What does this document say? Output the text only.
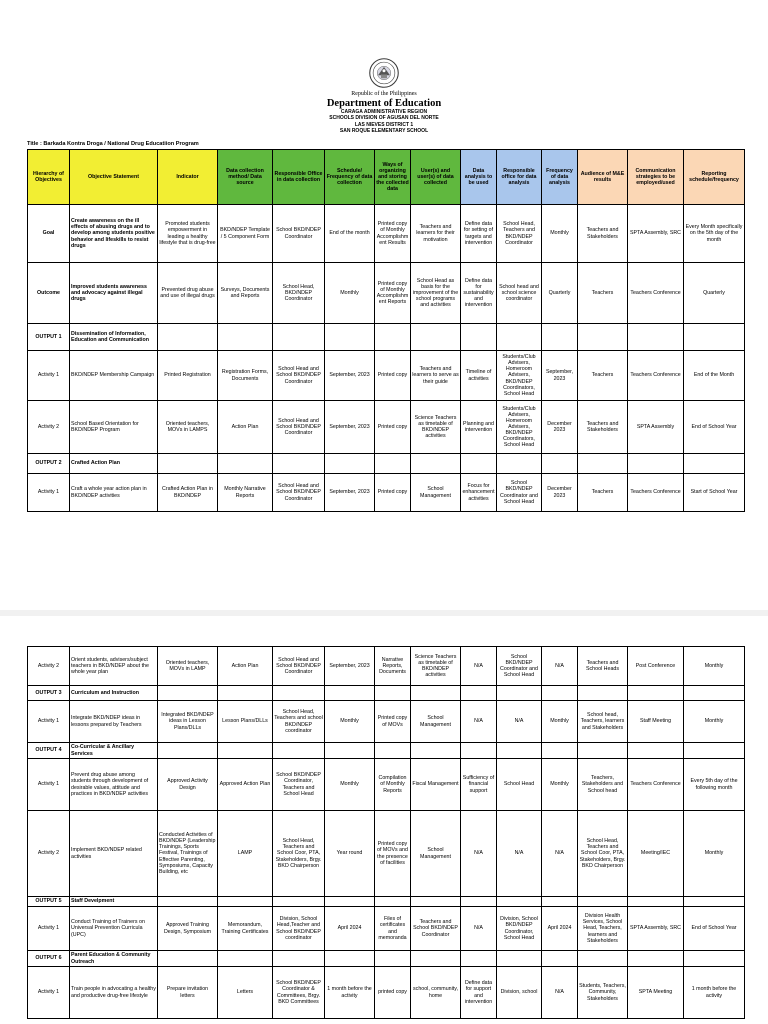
Republic of the Philippines
Department of Education
CARAGA ADMINISTRATIVE REGION
SCHOOLS DIVISION OF AGUSAN DEL NORTE
LAS NIEVES DISTRICT 1
SAN ROQUE ELEMENTARY SCHOOL
Title : Barkada Kontra Droga / National Drug Educatiion Program
Hierarchy of Objectives	Objective Statement	Indicator	Data collection method/ Data source	Responsible Office in data collection	Schedule/ Frequency of data collection	Ways of organizing and storing the collected data	User(s) and user(s) of data collected	Data analysis to be used	Responsible office for data analysis	Frequency of data analysis	Audience of M&E results	Communication strategies to be employed/used	Reporting schedule/frequency
Goal	Create awareness on the ill effects of abusing drugs and to develop among students positive behavior and lifeskills to resist drugs	Promoted students empowerment in leading a healthy lifestyle that is drug-free	BKD/NDEP Template / 5 Component Form	School BKD/NDEP Coordinator	End of the month	Printed copy of Monthly Accomplishm ent Results	Teachers and learners for their motivation	Define data for setting of targets and intervention	School Head, Teachers and BKD/NDEP Coordinator	Monthly	Teachers and Stakeholders	SPTA Assembly, SRC	Every Month specifically on the 5th day of the month
Outcome	Improved students awareness and advocacy against illegal drugs	Prevented drug abuse and use of illegal drugs	Surveys, Documents and Reports	School Head, BKD/NDEP Coordinator	Monthly	Printed copy of Monthly Accomplishm ent Reports	School Head as basis for the improvement of the school programs and activities	Define data for sustainability and intervention	School head and school science coordinator	Quarterly	Teachers	Teachers Conference	Quarterly
OUTPUT 1	Dissemination of Information, Education and Communication												
Activity 1	BKD/NDEP Membership Campaign	Printed Registration	Registration Forms, Documents	School Head and School BKD/NDEP Coordinator	September, 2023	Printed copy	Teachers and learners to serve as their guide	Timeline of activities	Students/Club Advisers, Homeroom Advisers, BKD/NDEP Coordinators, School Head	September, 2023	Teachers	Teachers Conference	End of the Month
Activity 2	School Based Orientation for BKD/NDEP Program	Oriented teachers, MOVs in LAMPS	Action Plan	School Head and School BKD/NDEP Coordinator	September, 2023	Printed copy	Science Teachers as timetable of BKD/NDEP activities	Planning and intervention	Students/Club Advisers, Homeroom Advisers, BKD/NDEP Coordinators, School Head	December 2023	Teachers and Stakeholders	SPTA Assembly	End of School Year
OUTPUT 2	Crafted Action Plan												
Activity 1	Craft a whole year action plan in BKD/NDEP activities	Crafted Action Plan in BKD/NDEP	Monthly Narrative Reports	School Head and School BKD/NDEP Coordinator	September, 2023	Printed copy	School Management	Focus for enhancement activities	School BKD/NDEP Coordinator and School Head	December 2023	Teachers	Teachers Conference	Start of School Year
Activity 2	Orient students, advisers/subject teachers in BKD/NDEP about the whole year plan	Oriented teachers, MOVs in LAMP	Action Plan	School Head and School BKD/NDEP Coordinator	September, 2023	Narrative Reports, Documents	Science Teachers as timetable of BKD/NDEP activities	N/A	School BKD/NDEP Coordinator and School Head	N/A	Teachers and School Heads	Post Conference	Monthly
OUTPUT 3	Curriculum and Instruction												
Activity 1	Integrate BKD/NDEP ideas in lessons prepared by Teachers	Integrated BKD/NDEP ideas in Lesson Plans/DLLs	Lesson Plans/DLLs	School Head, Teachers and school BKD/NDEP coordinator	Monthly	Printed copy of MOVs	School Management	N/A	N/A	Monthly	School head, Teachers, learners and Stakeholders	Staff Meeting	Monthly
OUTPUT 4	Co-Curricular & Ancillary Services												
Activity 1	Prevent drug abuse among students through development of desirable values, attitude and practices in BKD/NDEP activities	Approved Activity Design	Approved Action Plan	School BKD/NDEP Coordinator, Teachers and School Head	Monthly	Compilation of Monthly Reports	Fiscal Management	Sufficiency of financial support	School Head	Monthly	Teachers, Stakeholders and School head	Teachers Conference	Every 5th day of the following month
Activity 2	Implement BKD/NDEP related activities	Conducted Activities of BKD/NDEP (Leadership Trainings, Sports Festival, Trainings of Effective Parenting, Symposiums, Capacity Building, etc	LAMP	School Head, Teachers and School Coor, PTA, Stakeholders, Brgy. BKD Chairperson	Year round	Printed copy of MOVs and the presence of facilities	School Management	N/A	N/A	N/A	School Head, Teachers and School Coor, PTA, Stakeholders, Brgy. BKD Chairperson	Meeting/IEC	Monthly
OUTPUT 5	Staff Develpment												
Activity 1	Conduct Training of Trainers on Universal Prevention Curricula (UPC)	Approved Training Design, Symposium	Memorandum, Training Certificates	Division, School Head,Teacher and School BKD/NDEP coordinator	April 2024	Files of certificates and memoranda	Teachers and School BKD/NDEP Coordinator	N/A	Division, School BKD/NDEP Coordinator, School Head	April 2024	Division Health Services, School Head, Teachers, learners and Stakeholders	SPTA Assembly, SRC	End of School Year
OUTPUT 6	Parent Education & Community Outreach												
Activity 1	Train people in advocating a healthy and productive drug-free lifestyle	Prepare invitation letters	Letters	School BKD/NDEP Coordinator & Committees, Brgy. BKD Committees	1 month before the activity	printed copy	school, community, home	Define data for support and intervention	Division, school	N/A	Students, Teachers, Community, Stakeholders	SPTA Meeting	1 month before the activity
